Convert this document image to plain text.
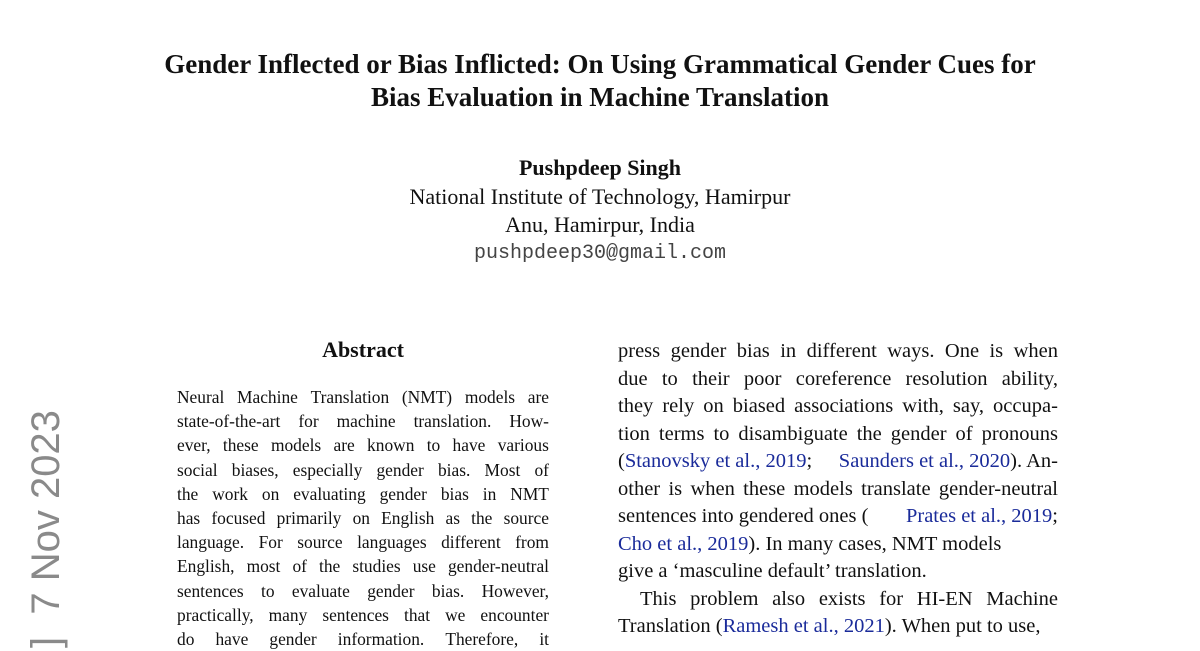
Gender Inflected or Bias Inflicted: On Using Grammatical Gender Cues for
Bias Evaluation in Machine Translation
Pushpdeep Singh
National Institute of Technology, Hamirpur
Anu, Hamirpur, India
pushpdeep30@gmail.com
]  7 Nov 2023
Abstract
Neural Machine Translation (NMT) models are
state-of-the-art for machine translation. How-
ever, these models are known to have various
social biases, especially gender bias. Most of
the work on evaluating gender bias in NMT
has focused primarily on English as the source
language. For source languages different from
English, most of the studies use gender-neutral
sentences to evaluate gender bias. However,
practically, many sentences that we encounter
do have gender information. Therefore, it
press gender bias in different ways. One is when
due to their poor coreference resolution ability,
they rely on biased associations with, say, occupa-
tion terms to disambiguate the gender of pronouns
(Stanovsky et al., 2019; Saunders et al., 2020). An-
other is when these models translate gender-neutral
sentences into gendered ones ( Prates et al., 2019;
Cho et al., 2019). In many cases, NMT models
give a ‘masculine default’ translation.
This problem also exists for HI-EN Machine
Translation (Ramesh et al., 2021). When put to use,
